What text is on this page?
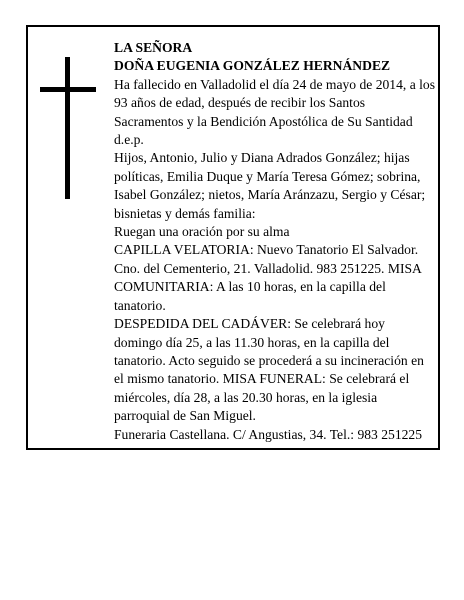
LA SEÑORA

DOÑA EUGENIA GONZÁLEZ HERNÁNDEZ

Ha fallecido en Valladolid el día 24 de mayo de 2014, a los 93 años de edad, después de recibir los Santos Sacramentos y la Bendición Apostólica de Su Santidad d.e.p.

Hijos, Antonio, Julio y Diana Adrados González; hijas políticas, Emilia Duque y María Teresa Gómez; sobrina, Isabel González; nietos, María Aránzazu, Sergio y César; bisnietas y demás familia:

Ruegan una oración por su alma

CAPILLA VELATORIA: Nuevo Tanatorio El Salvador. Cno. del Cementerio, 21. Valladolid. 983 251225. MISA COMUNITARIA: A las 10 horas, en la capilla del tanatorio.

DESPEDIDA DEL CADÁVER: Se celebrará hoy domingo día 25, a las 11.30 horas, en la capilla del tanatorio. Acto seguido se procederá a su incineración en el mismo tanatorio. MISA FUNERAL: Se celebrará el miércoles, día 28, a las 20.30 horas, en la iglesia parroquial de San Miguel.

Funeraria Castellana. C/ Angustias, 34. Tel.: 983 251225
